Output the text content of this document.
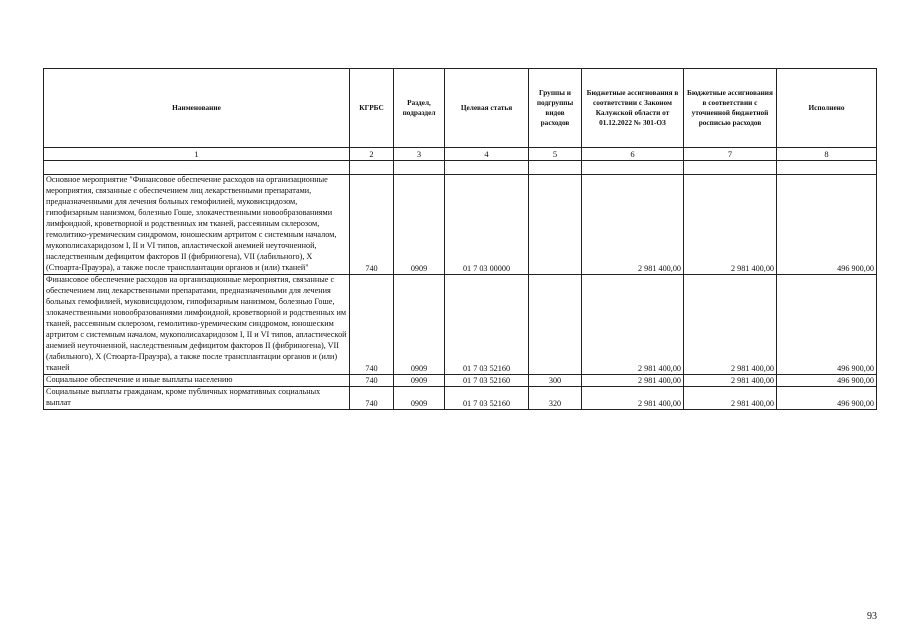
Наименование	КГРБС	Раздел, подраздел	Целевая статья	Группы и подгруппы видов расходов	Бюджетные ассигнования в соответствии с Законом Калужской области от 01.12.2022 № 301-ОЗ	Бюджетные ассигнования в соответствии с уточненной бюджетной росписью расходов	Исполнено
1	2	3	4	5	6	7	8

Основное мероприятие "Финансовое обеспечение расходов на организационные мероприятия, связанные с обеспечением лиц лекарственными препаратами, предназначенными для лечения больных гемофилией, муковисцидозом, гипофизарным нанизмом, болезнью Гоше, злокачественными новообразованиями лимфоидной, кроветворной и родственных им тканей, рассеянным склерозом, гемолитико-уремическим синдромом, юношеским артритом с системным началом, мукополисахаридозом I, II и VI типов, апластической анемией неуточненной, наследственным дефицитом факторов II (фибриногена), VII (лабильного), X (Стюарта-Прауэра), а также после трансплантации органов и (или) тканей"	740	0909	01 7 03 00000		2 981 400,00	2 981 400,00	496 900,00
Финансовое обеспечение расходов на организационные мероприятия, связанные с обеспечением лиц лекарственными препаратами, предназначенными для лечения больных гемофилией, муковисцидозом, гипофизарным нанизмом, болезнью Гоше, злокачественными новообразованиями лимфоидной, кроветворной и родственных им тканей, рассеянным склерозом, гемолитико-уремическим синдромом, юношеским артритом с системным началом, мукополисахаридозом I, II и VI типов, апластической анемией неуточненной, наследственным дефицитом факторов II (фибриногена), VII (лабильного), X (Стюарта-Прауэра), а также после трансплантации органов и (или) тканей	740	0909	01 7 03 52160		2 981 400,00	2 981 400,00	496 900,00
Социальное обеспечение и иные выплаты населению	740	0909	01 7 03 52160	300	2 981 400,00	2 981 400,00	496 900,00
Социальные выплаты гражданам, кроме публичных нормативных социальных выплат	740	0909	01 7 03 52160	320	2 981 400,00	2 981 400,00	496 900,00
93
